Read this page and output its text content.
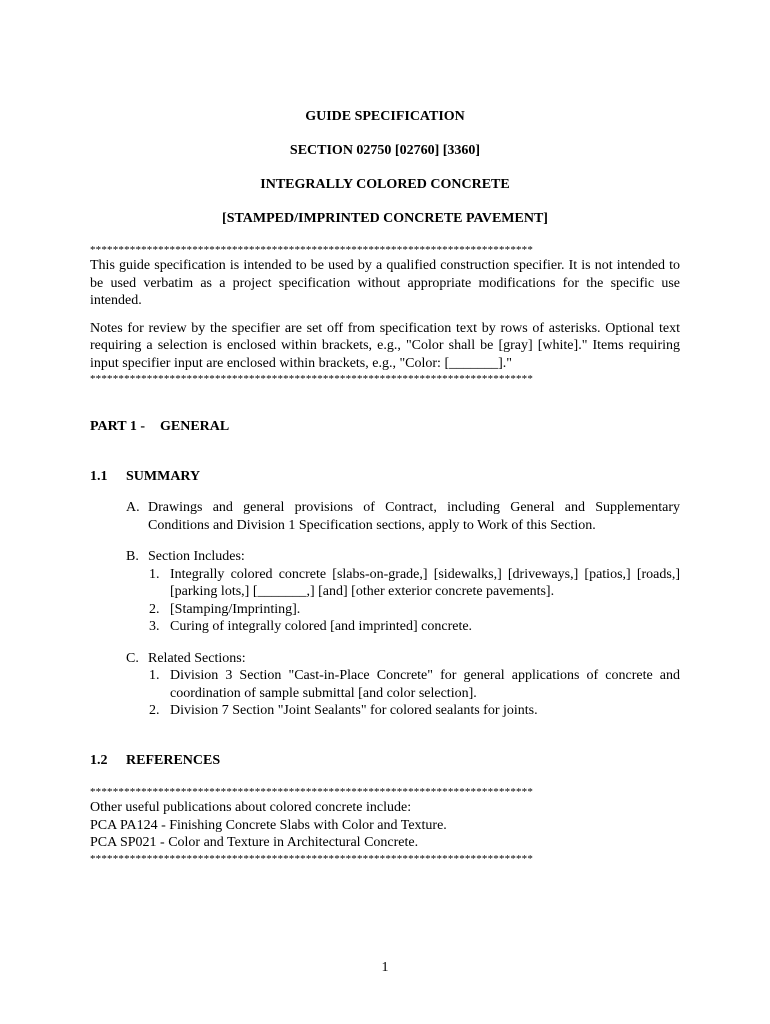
GUIDE SPECIFICATION
SECTION 02750 [02760] [3360]
INTEGRALLY COLORED CONCRETE
[STAMPED/IMPRINTED CONCRETE PAVEMENT]
******************************************************************************

This guide specification is intended to be used by a qualified construction specifier. It is not intended to be used verbatim as a project specification without appropriate modifications for the specific use intended.

Notes for review by the specifier are set off from specification text by rows of asterisks. Optional text requiring a selection is enclosed within brackets, e.g., "Color shall be [gray] [white]." Items requiring input specifier input are enclosed within brackets, e.g., "Color: [_______]."

******************************************************************************
PART 1 - GENERAL
1.1 SUMMARY
A. Drawings and general provisions of Contract, including General and Supplementary Conditions and Division 1 Specification sections, apply to Work of this Section.
B. Section Includes:
1. Integrally colored concrete [slabs-on-grade,] [sidewalks,] [driveways,] [patios,] [roads,] [parking lots,] [_______,] [and] [other exterior concrete pavements].
2. [Stamping/Imprinting].
3. Curing of integrally colored [and imprinted] concrete.
C. Related Sections:
1. Division 3 Section "Cast-in-Place Concrete" for general applications of concrete and coordination of sample submittal [and color selection].
2. Division 7 Section "Joint Sealants" for colored sealants for joints.
1.2 REFERENCES
******************************************************************************
Other useful publications about colored concrete include:
PCA PA124 - Finishing Concrete Slabs with Color and Texture.
PCA SP021 - Color and Texture in Architectural Concrete.
******************************************************************************
1
